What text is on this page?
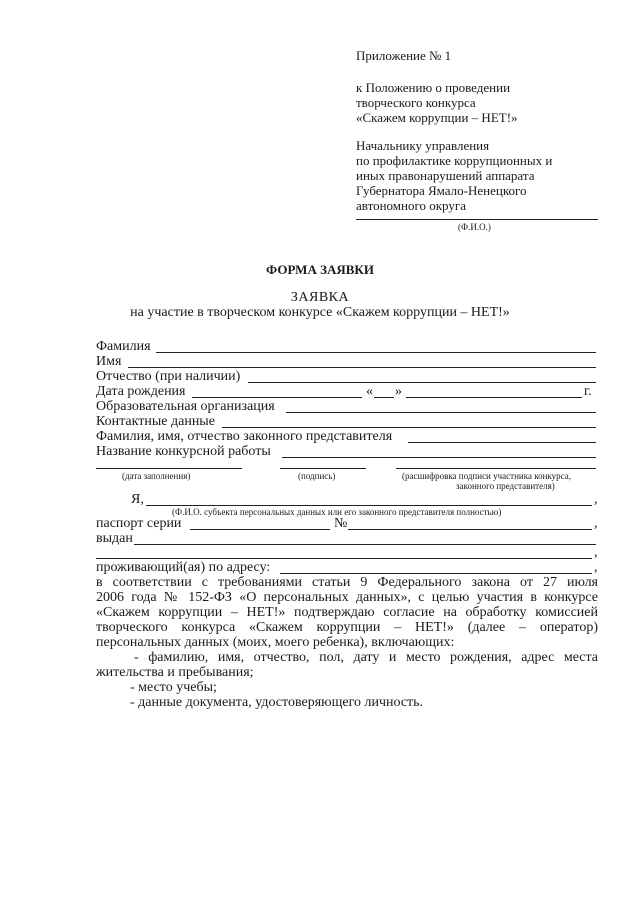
Приложение № 1
к Положению о проведении
творческого конкурса
«Скажем коррупции – НЕТ!»
Начальнику управления
по профилактике коррупционных и
иных правонарушений аппарата
Губернатора Ямало-Ненецкого
автономного округа
(Ф.И.О.)
ФОРМА ЗАЯВКИ
ЗАЯВКА
на участие в творческом конкурсе «Скажем коррупции – НЕТ!»
Фамилия
Имя
Отчество (при наличии)
Дата рождения	« »	г.
Образовательная организация
Контактные данные
Фамилия, имя, отчество законного представителя
Название конкурсной работы
(дата заполнения)	(подпись)	(расшифровка подписи участника конкурса,
законного представителя)
Я,	,
(Ф.И.О. субъекта персональных данных или его законного представителя полностью)
паспорт серии	№	,
выдан
,
проживающий(ая) по адресу:	,
в соответствии с требованиями статьи 9 Федерального закона от 27 июля
2006 года № 152-ФЗ «О персональных данных», с целью участия в конкурсе
«Скажем коррупции – НЕТ!» подтверждаю согласие на обработку комиссией
творческого конкурса «Скажем коррупции – НЕТ!» (далее – оператор)
персональных данных (моих, моего ребенка), включающих:
- фамилию, имя, отчество, пол, дату и место рождения, адрес места
жительства и пребывания;
- место учебы;
- данные документа, удостоверяющего личность.
